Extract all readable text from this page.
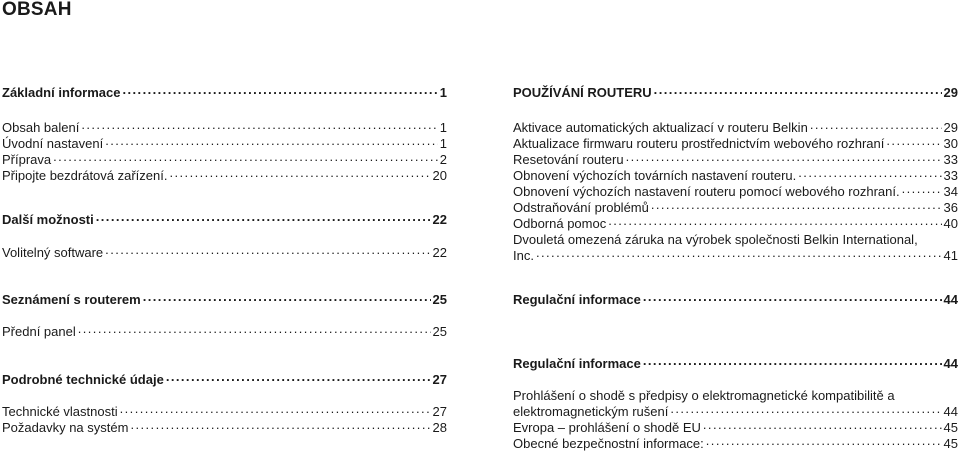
OBSAH
Základní informace . . .	1
Obsah balení . . .	1
Úvodní nastavení . . .	1
Příprava . . .	2
Připojte bezdrátová zařízení. . . .	20
Další možnosti . . .	22
Volitelný software . . .	22
Seznámení s routerem . . .	25
Přední panel . . .	25
Podrobné technické údaje . . .	27
Technické vlastnosti . . .	27
Požadavky na systém . . .	28
POUŽÍVÁNÍ ROUTERU . . .	29
Aktivace automatických aktualizací v routeru Belkin . . .	29
Aktualizace firmwaru routeru prostřednictvím webového rozhraní . . .	30
Resetování routeru . . .	33
Obnovení výchozích továrních nastavení routeru. . . .	33
Obnovení výchozích nastavení routeru pomocí webového rozhraní. . . .	34
Odstraňování problémů . . .	36
Odborná pomoc . . .	40
Dvouletá omezená záruka na výrobek společnosti Belkin International,
Inc. . . .	41
Regulační informace . . .	44
Regulační informace . . .	44
Prohlášení o shodě s předpisy o elektromagnetické kompatibilitě a
elektromagnetickým rušení . . .	44
Evropa – prohlášení o shodě EU . . .	45
Obecné bezpečnostní informace: . . .	45
